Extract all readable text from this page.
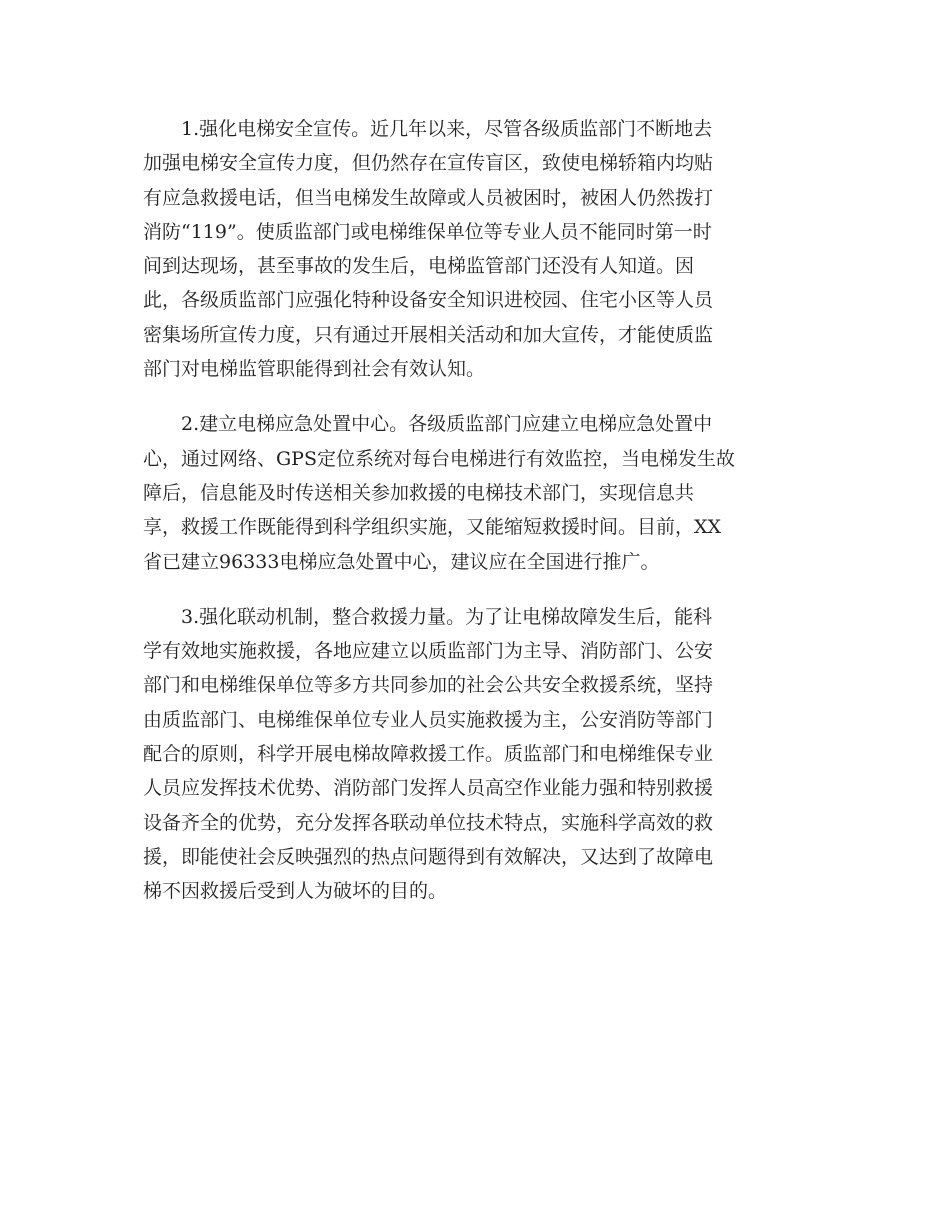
　　1.强化电梯安全宣传。近几年以来，尽管各级质监部门不断地去
加强电梯安全宣传力度，但仍然存在宣传盲区，致使电梯轿箱内均贴
有应急救援电话，但当电梯发生故障或人员被困时，被困人仍然拨打
消防“119”。使质监部门或电梯维保单位等专业人员不能同时第一时
间到达现场，甚至事故的发生后，电梯监管部门还没有人知道。因
此，各级质监部门应强化特种设备安全知识进校园、住宅小区等人员
密集场所宣传力度，只有通过开展相关活动和加大宣传，才能使质监
部门对电梯监管职能得到社会有效认知。

　　2.建立电梯应急处置中心。各级质监部门应建立电梯应急处置中
心，通过网络、GPS定位系统对每台电梯进行有效监控，当电梯发生故
障后，信息能及时传送相关参加救援的电梯技术部门，实现信息共
享，救援工作既能得到科学组织实施，又能缩短救援时间。目前，XX
省已建立96333电梯应急处置中心，建议应在全国进行推广。

　　3.强化联动机制，整合救援力量。为了让电梯故障发生后，能科
学有效地实施救援，各地应建立以质监部门为主导、消防部门、公安
部门和电梯维保单位等多方共同参加的社会公共安全救援系统，坚持
由质监部门、电梯维保单位专业人员实施救援为主，公安消防等部门
配合的原则，科学开展电梯故障救援工作。质监部门和电梯维保专业
人员应发挥技术优势、消防部门发挥人员高空作业能力强和特别救援
设备齐全的优势，充分发挥各联动单位技术特点，实施科学高效的救
援，即能使社会反映强烈的热点问题得到有效解决，又达到了故障电
梯不因救援后受到人为破坏的目的。
